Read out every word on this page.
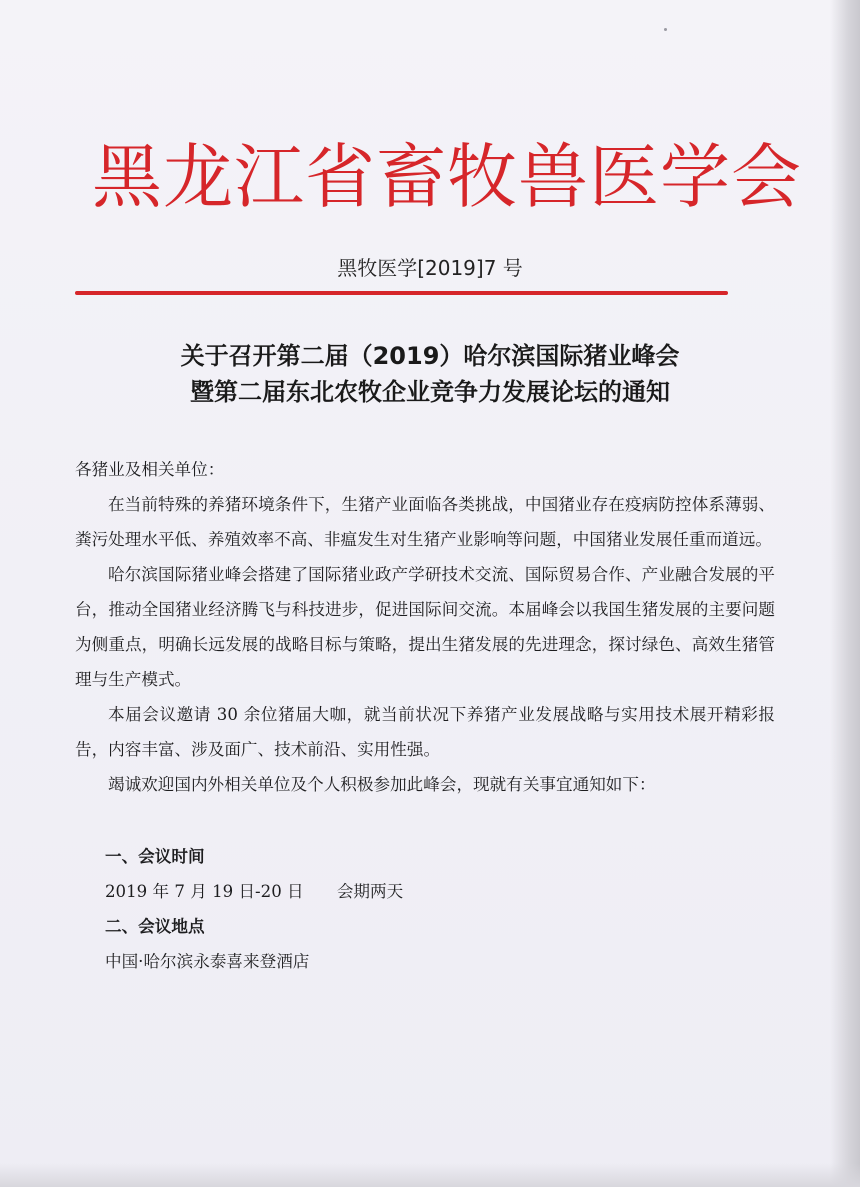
黑龙江省畜牧兽医学会
黑牧医学[2019]7 号
关于召开第二届（2019）哈尔滨国际猪业峰会
暨第二届东北农牧企业竞争力发展论坛的通知

各猪业及相关单位：

在当前特殊的养猪环境条件下，生猪产业面临各类挑战，中国猪业存在疫病防控体系薄弱、粪污处理水平低、养殖效率不高、非瘟发生对生猪产业影响等问题，中国猪业发展任重而道远。

哈尔滨国际猪业峰会搭建了国际猪业政产学研技术交流、国际贸易合作、产业融合发展的平台，推动全国猪业经济腾飞与科技进步，促进国际间交流。本届峰会以我国生猪发展的主要问题为侧重点，明确长远发展的战略目标与策略，提出生猪发展的先进理念，探讨绿色、高效生猪管理与生产模式。

本届会议邀请 30 余位猪届大咖，就当前状况下养猪产业发展战略与实用技术展开精彩报告，内容丰富、涉及面广、技术前沿、实用性强。

竭诚欢迎国内外相关单位及个人积极参加此峰会，现就有关事宜通知如下：

一、会议时间

2019 年 7 月 19 日-20 日　　会期两天

二、会议地点

中国·哈尔滨永泰喜来登酒店
